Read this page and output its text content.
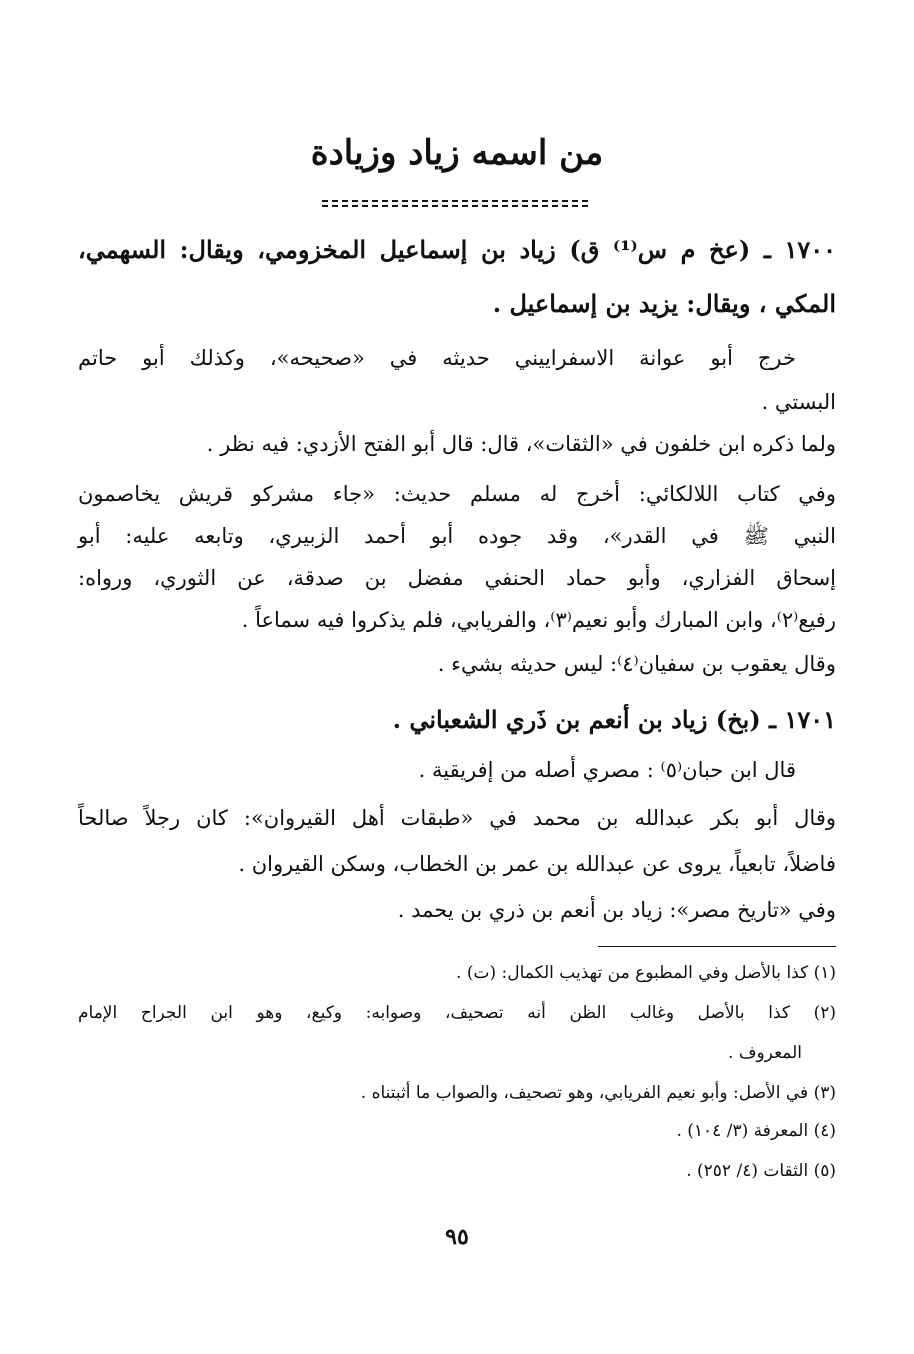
من اسمه زياد وزيادة
١٧٠٠ ـ (عخ م س⁽¹⁾ ق) زياد بن إسماعيل المخزومي، ويقال: السهمي،
المكي ، ويقال: يزيد بن إسماعيل .
خرج أبو عوانة الاسفراييني حديثه في «صحيحه»، وكذلك أبو حاتم
البستي .
ولما ذكره ابن خلفون في «الثقات»، قال: قال أبو الفتح الأزدي: فيه نظر .
وفي كتاب اللالكائي: أخرج له مسلم حديث: «جاء مشركو قريش يخاصمون
النبي ﷺ في القدر»، وقد جوده أبو أحمد الزبيري، وتابعه عليه: أبو
إسحاق الفزاري، وأبو حماد الحنفي مفضل بن صدقة، عن الثوري، ورواه:
رفيع⁽٢⁾، وابن المبارك وأبو نعيم⁽٣⁾، والفريابي، فلم يذكروا فيه سماعاً .
وقال يعقوب بن سفيان⁽٤⁾: ليس حديثه بشيء .
١٧٠١ ـ (بخ) زياد بن أنعم بن ذَري الشعباني .
قال ابن حبان⁽٥⁾ : مصري أصله من إفريقية .
وقال أبو بكر عبدالله بن محمد في «طبقات أهل القيروان»: كان رجلاً صالحاً
فاضلاً، تابعياً، يروى عن عبدالله بن عمر بن الخطاب، وسكن القيروان .
وفي «تاريخ مصر»: زياد بن أنعم بن ذري بن يحمد .
(١) كذا بالأصل وفي المطبوع من تهذيب الكمال: (ت) .
(٢) كذا بالأصل وغالب الظن أنه تصحيف، وصوابه: وكيع، وهو ابن الجراح الإمام
المعروف .
(٣) في الأصل: وأبو نعيم الفريابي، وهو تصحيف، والصواب ما أثبتناه .
(٤) المعرفة (٣/ ١٠٤) .
(٥) الثقات (٤/ ٢٥٢) .
٩٥
